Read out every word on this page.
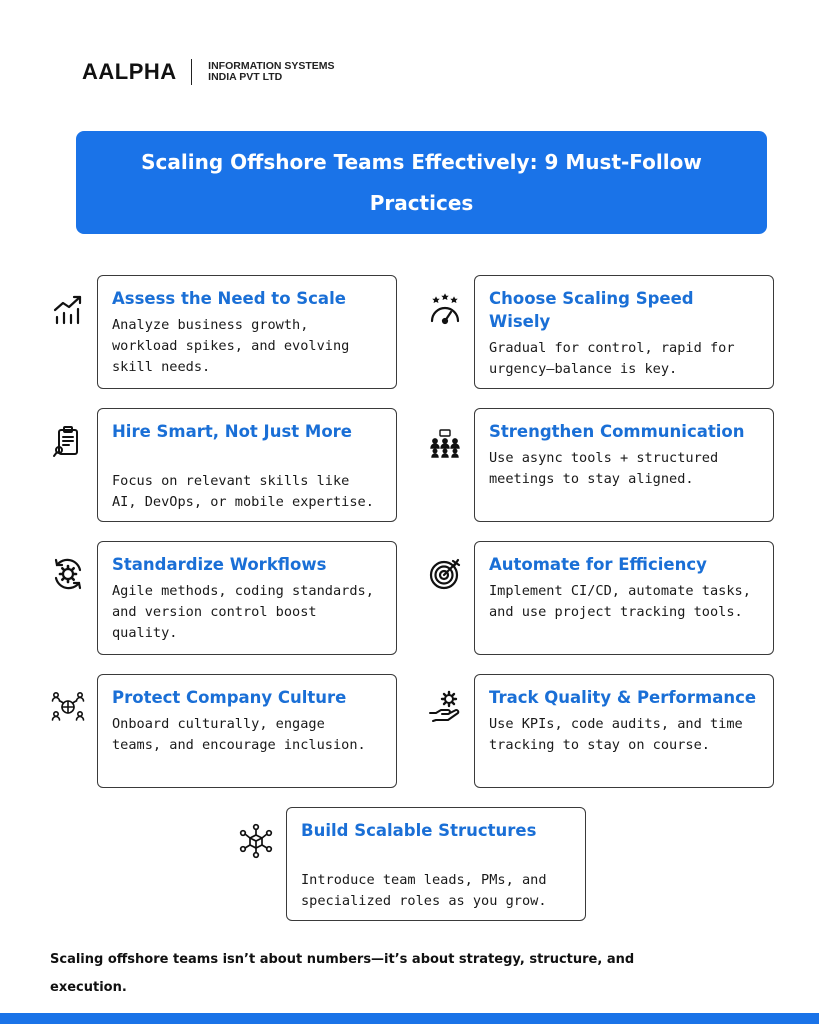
AALPHA	INFORMATION SYSTEMS
INDIA PVT LTD
Scaling Offshore Teams Effectively: 9 Must-Follow Practices
Assess the Need to Scale
Analyze business growth, workload spikes, and evolving skill needs.
Choose Scaling Speed Wisely
Gradual for control, rapid for urgency—balance is key.
Hire Smart, Not Just More
Focus on relevant skills like AI, DevOps, or mobile expertise.
Strengthen Communication
Use async tools + structured meetings to stay aligned.
Standardize Workflows
Agile methods, coding standards, and version control boost quality.
Automate for Efficiency
Implement CI/CD, automate tasks, and use project tracking tools.
Protect Company Culture
Onboard culturally, engage teams, and encourage inclusion.
Track Quality & Performance
Use KPIs, code audits, and time tracking to stay on course.
Build Scalable Structures
Introduce team leads, PMs, and specialized roles as you grow.
Scaling offshore teams isn’t about numbers—it’s about strategy, structure, and execution.
